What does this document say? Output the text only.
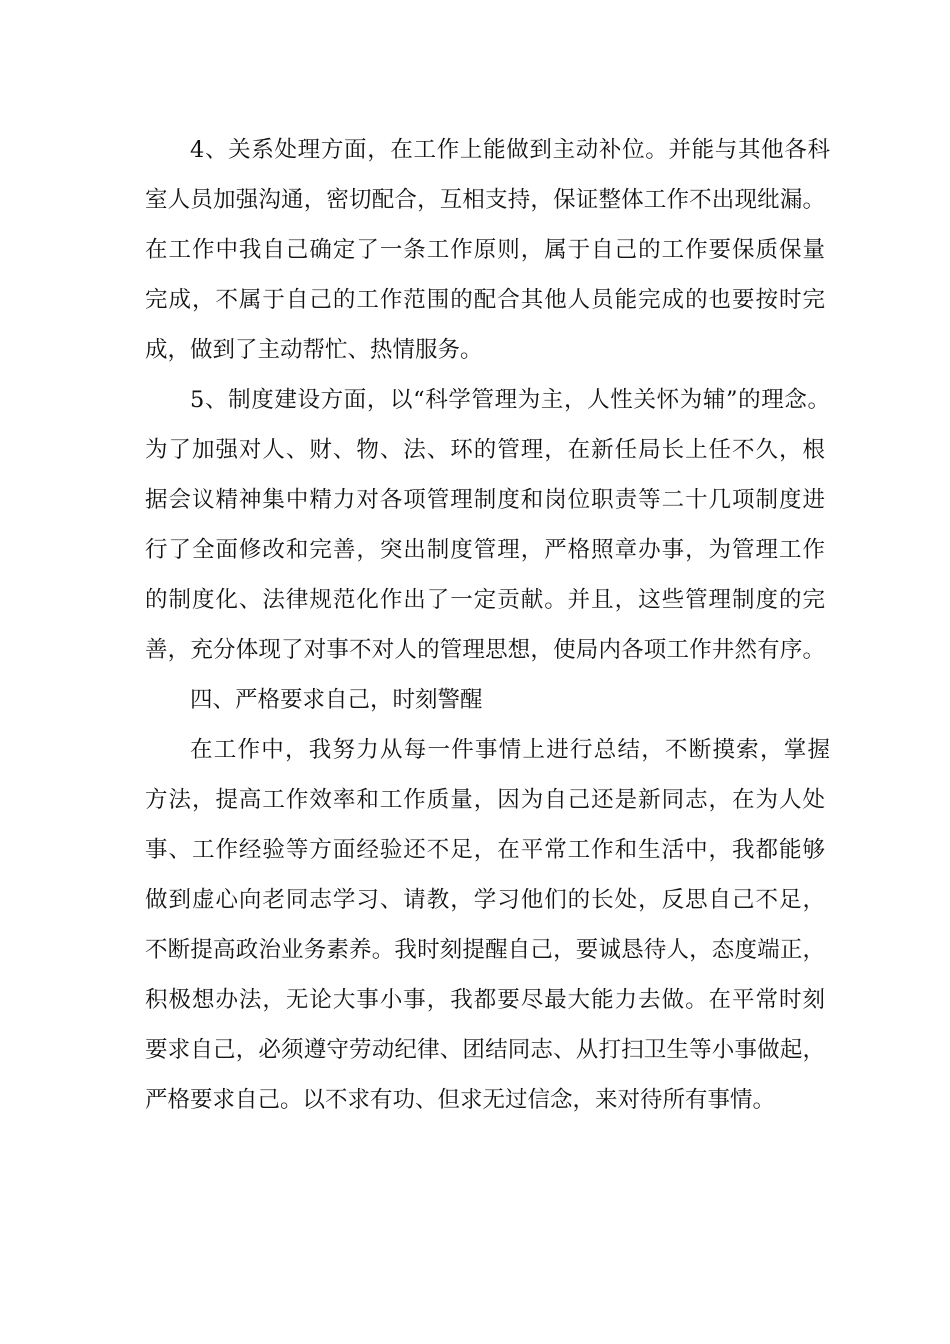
4、关系处理方面，在工作上能做到主动补位。并能与其他各科
室人员加强沟通，密切配合，互相支持，保证整体工作不出现纰漏。
在工作中我自己确定了一条工作原则，属于自己的工作要保质保量
完成，不属于自己的工作范围的配合其他人员能完成的也要按时完
成，做到了主动帮忙、热情服务。
5、制度建设方面，以“科学管理为主，人性关怀为辅”的理念。
为了加强对人、财、物、法、环的管理，在新任局长上任不久，根
据会议精神集中精力对各项管理制度和岗位职责等二十几项制度进
行了全面修改和完善，突出制度管理，严格照章办事，为管理工作
的制度化、法律规范化作出了一定贡献。并且，这些管理制度的完
善，充分体现了对事不对人的管理思想，使局内各项工作井然有序。
四、严格要求自己，时刻警醒
在工作中，我努力从每一件事情上进行总结，不断摸索，掌握
方法，提高工作效率和工作质量，因为自己还是新同志，在为人处
事、工作经验等方面经验还不足，在平常工作和生活中，我都能够
做到虚心向老同志学习、请教，学习他们的长处，反思自己不足，
不断提高政治业务素养。我时刻提醒自己，要诚恳待人，态度端正，
积极想办法，无论大事小事，我都要尽最大能力去做。在平常时刻
要求自己，必须遵守劳动纪律、团结同志、从打扫卫生等小事做起，
严格要求自己。以不求有功、但求无过信念，来对待所有事情。
